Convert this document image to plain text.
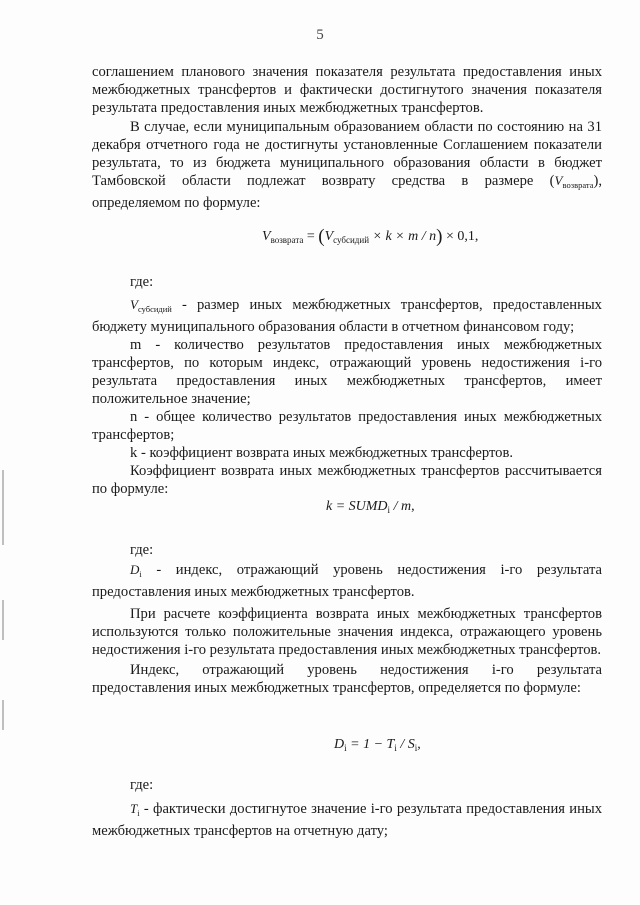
5

соглашением планового значения показателя результата предоставления иных межбюджетных трансфертов и фактически достигнутого значения показателя результата предоставления иных межбюджетных трансфертов.

В случае, если муниципальным образованием области по состоянию на 31 декабря отчетного года не достигнуты установленные Соглашением показатели результата, то из бюджета муниципального образования области в бюджет Тамбовской области подлежат возврату средства в размере $(V_{возврата})$, определяемом по формуле:

$V_{возврата} = (V_{субсидий} \times k \times m / n) \times 0,1$,

где:

$V_{субсидий}$ - размер иных межбюджетных трансфертов, предоставленных бюджету муниципального образования области в отчетном финансовом году;

m - количество результатов предоставления иных межбюджетных трансфертов, по которым индекс, отражающий уровень недостижения i-го результата предоставления иных межбюджетных трансфертов, имеет положительное значение;

n - общее количество результатов предоставления иных межбюджетных трансфертов;

k - коэффициент возврата иных межбюджетных трансфертов.

Коэффициент возврата иных межбюджетных трансфертов рассчитывается по формуле:

$k = SUMD_i / m$,

где:

$D_i$ - индекс, отражающий уровень недостижения i-го результата предоставления иных межбюджетных трансфертов.

При расчете коэффициента возврата иных межбюджетных трансфертов используются только положительные значения индекса, отражающего уровень недостижения i-го результата предоставления иных межбюджетных трансфертов.

Индекс, отражающий уровень недостижения i-го результата предоставления иных межбюджетных трансфертов, определяется по формуле:

$D_i = 1 - T_i / S_i$,

где:

$T_i$ - фактически достигнутое значение i-го результата предоставления иных межбюджетных трансфертов на отчетную дату;
